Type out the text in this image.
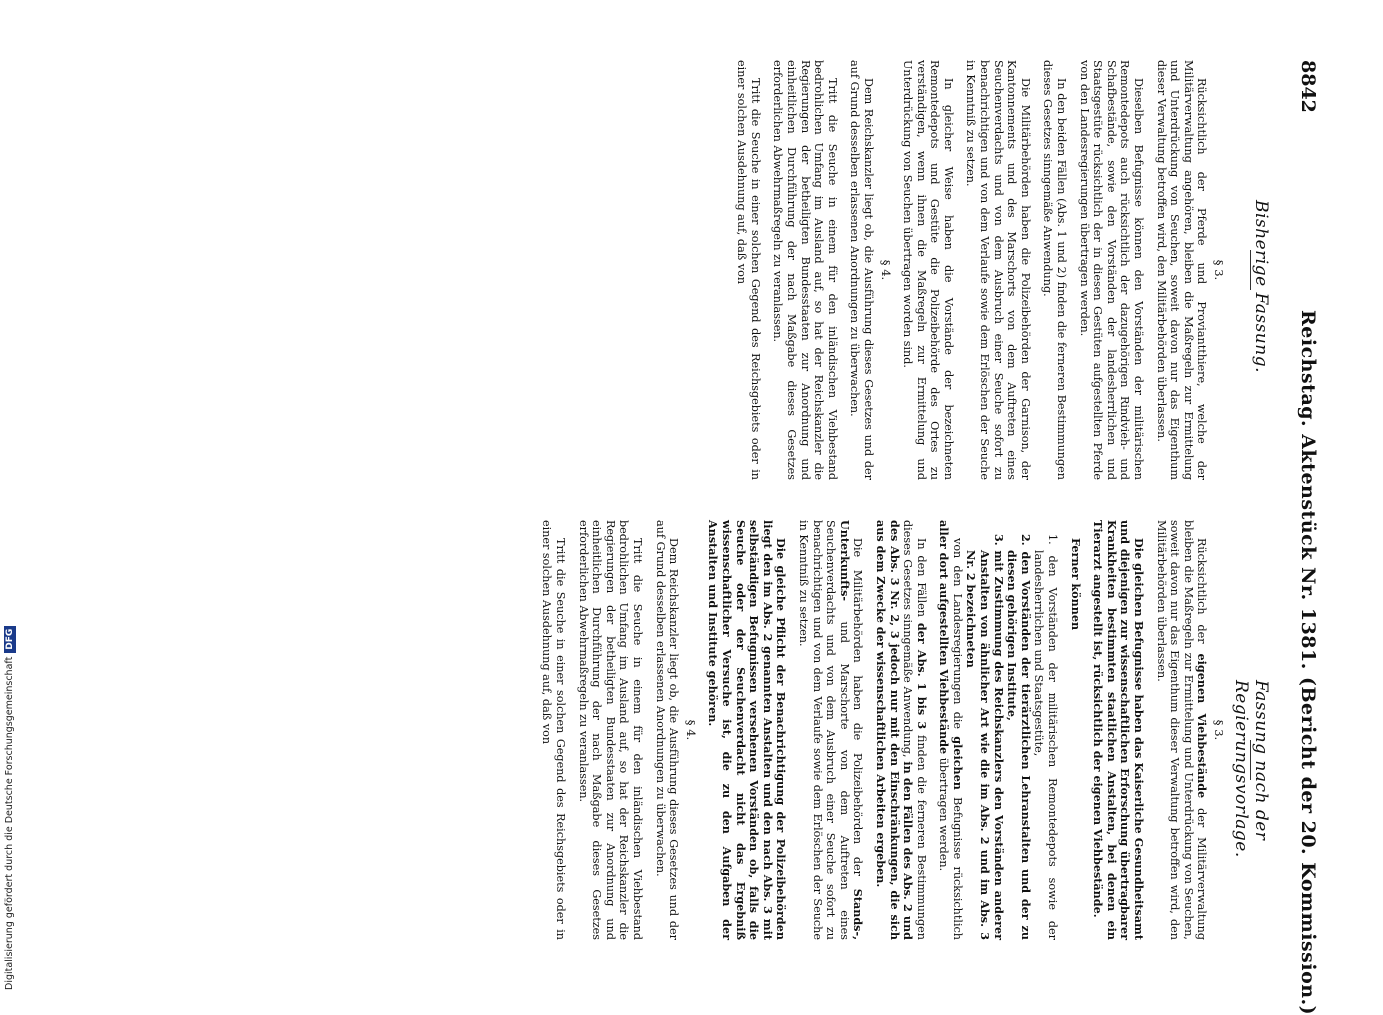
8842
Reichstag. Aktenstück Nr. 1381. (Bericht der 20. Kommission.)
Bisherige Fassung.
Fassung nach der Regierungsvorlage.
§ 3.

Rücksichtlich der Pferde und Proviantthiere, welche der Militärverwaltung angehören, bleiben die Maßregeln zur Ermittelung und Unterdrückung von Seuchen, soweit davon nur das Eigenthum dieser Verwaltung betroffen wird, den Militärbehörden überlassen.

Dieselben Befugnisse können den Vorständen der militärischen Remontedepots auch rücksichtlich der dazugehörigen Rindvieh- und Schafbestände, sowie den Vorständen der landesherrlichen und Staatsgestüte rücksichtlich der in diesen Gestüten aufgestellten Pferde von den Landesregierungen übertragen werden.

In den beiden Fällen (Abs. 1 und 2) finden die ferneren Bestimmungen dieses Gesetzes sinngemäße Anwendung.

Die Militärbehörden haben die Polizeibehörden der Garnison, der Kantonnements und des Marschorts von dem Auftreten eines Seuchenverdachts und von dem Ausbruch einer Seuche sofort zu benachrichtigen und von dem Verlaufe sowie dem Erlöschen der Seuche in Kenntniß zu setzen.

In gleicher Weise haben die Vorstände der bezeichneten Remontedepots und Gestüte die Polizeibehörde des Ortes zu verständigen, wenn ihnen die Maßregeln zur Ermittelung und Unterdrückung von Seuchen übertragen worden sind.

§ 4.

Dem Reichskanzler liegt ob, die Ausführung dieses Gesetzes und der auf Grund desselben erlassenen Anordnungen zu überwachen.

Tritt die Seuche in einem für den inländischen Viehbestand bedrohlichen Umfang im Ausland auf, so hat der Reichskanzler die Regierungen der betheiligten Bundesstaaten zur Anordnung und einheitlichen Durchführung der nach Maßgabe dieses Gesetzes erforderlichen Abwehrmaßregeln zu veranlassen.

Tritt die Seuche in einer solchen Gegend des Reichsgebiets oder in einer solchen Ausdehnung auf, daß von

§ 3.

Rücksichtlich der eigenen Viehbestände der Militärverwaltung bleiben die Maßregeln zur Ermittelung und Unterdrückung von Seuchen, soweit davon nur das Eigenthum dieser Verwaltung betroffen wird, den Militärbehörden überlassen.

Die gleichen Befugnisse haben das Kaiserliche Gesundheitsamt und diejenigen zur wissenschaftlichen Erforschung übertragbarer Krankheiten bestimmten staatlichen Anstalten, bei denen ein Tierarzt angestellt ist, rücksichtlich der eigenen Viehbestände.

Ferner können

1. den Vorständen der militärischen Remontedepots sowie der landesherrlichen und Staatsgestüte,

2. den Vorständen der tierärztlichen Lehranstalten und der zu diesen gehörigen Institute,

3. mit Zustimmung des Reichskanzlers den Vorständen anderer Anstalten von ähnlicher Art wie die im Abs. 2 und im Abs. 3 Nr. 2 bezeichneten

von den Landesregierungen die gleichen Befugnisse rücksichtlich aller dort aufgestellten Viehbestände übertragen werden.

In den Fällen der Abs. 1 bis 3 finden die ferneren Bestimmungen dieses Gesetzes sinngemäße Anwendung, in den Fällen des Abs. 2 und des Abs. 3 Nr. 2, 3 jedoch nur mit den Einschränkungen, die sich aus dem Zwecke der wissenschaftlichen Arbeiten ergeben.

Die Militärbehörden haben die Polizeibehörden der Stands-, Unterkunfts- und Marschorte von dem Auftreten eines Seuchenverdachts und von dem Ausbruch einer Seuche sofort zu benachrichtigen und von dem Verlaufe sowie dem Erlöschen der Seuche in Kenntniß zu setzen.

Die gleiche Pflicht der Benachrichtigung der Polizeibehörden liegt den im Abs. 2 genannten Anstalten und den nach Abs. 3 mit selbständigen Befugnissen versehenen Vorständen ob, falls die Seuche oder der Seuchenverdacht nicht das Ergebniß wissenschaftlicher Versuche ist, die zu den Aufgaben der Anstalten und Institute gehören.

§ 4.

Dem Reichskanzler liegt ob, die Ausführung dieses Gesetzes und der auf Grund desselben erlassenen Anordnungen zu überwachen.

Tritt die Seuche in einem für den inländischen Viehbestand bedrohlichen Umfang im Ausland auf, so hat der Reichskanzler die Regierungen der betheiligten Bundesstaaten zur Anordnung und einheitlichen Durchführung der nach Maßgabe dieses Gesetzes erforderlichen Abwehrmaßregeln zu veranlassen.

Tritt die Seuche in einer solchen Gegend des Reichsgebiets oder in einer solchen Ausdehnung auf, daß von

Digitalisierung gefördert durch die Deutsche ForschungsgemeinschaftDFG
